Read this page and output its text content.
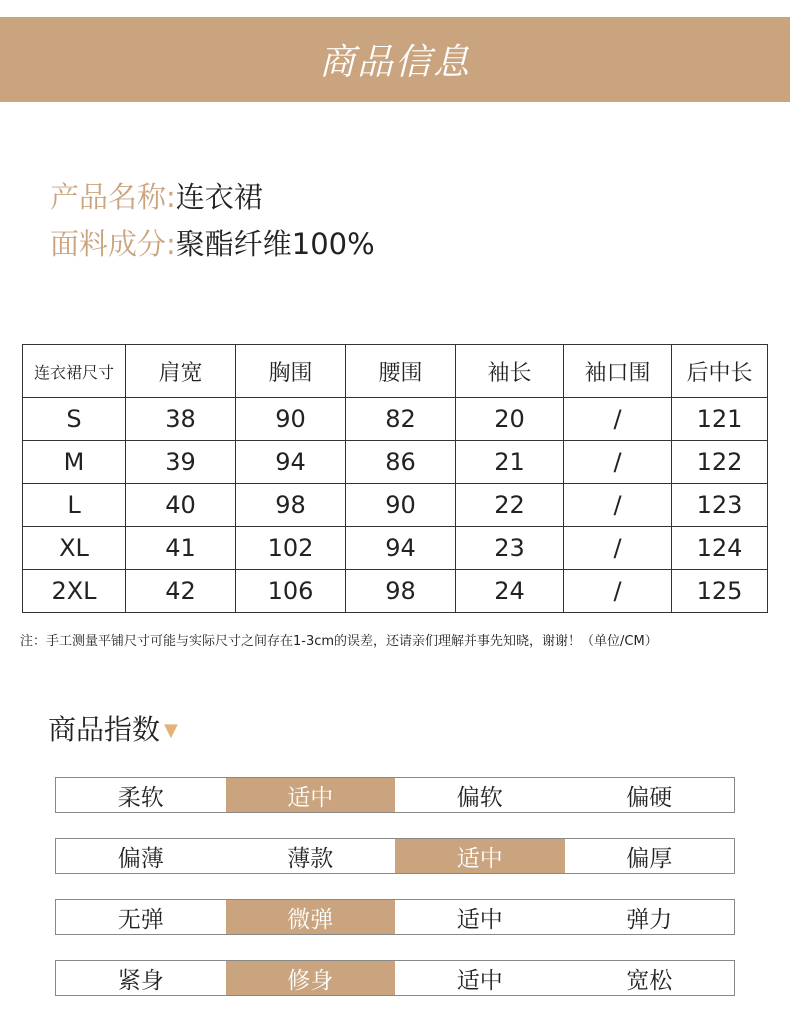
商品信息
产品名称:连衣裙
面料成分:聚酯纤维100%
连衣裙尺寸	肩宽	胸围	腰围	袖长	袖口围	后中长
S	38	90	82	20	/	121
M	39	94	86	21	/	122
L	40	98	90	22	/	123
XL	41	102	94	23	/	124
2XL	42	106	98	24	/	125
注：手工测量平铺尺寸可能与实际尺寸之间存在1-3cm的误差，还请亲们理解并事先知晓，谢谢！（单位/CM）
商品指数 ▼
柔软	适中	偏软	偏硬
偏薄	薄款	适中	偏厚
无弹	微弹	适中	弹力
紧身	修身	适中	宽松
